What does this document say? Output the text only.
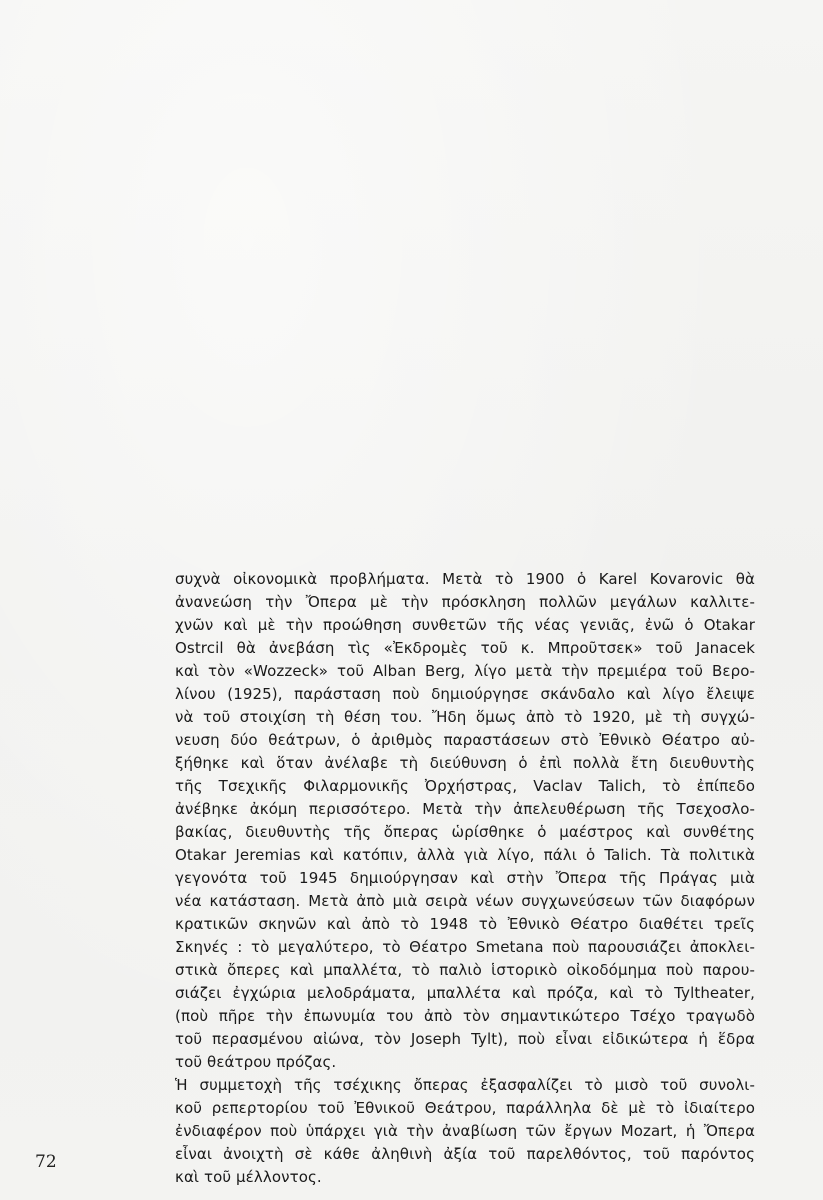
συχνὰ οἰκονομικὰ προβλήματα. Μετὰ τὸ 1900 ὁ Karel Kovarovic θὰ
ἀνανεώση τὴν Ὄπερα μὲ τὴν πρόσκληση πολλῶν μεγάλων καλλιτε-
χνῶν καὶ μὲ τὴν προώθηση συνθετῶν τῆς νέας γενιᾶς, ἐνῶ ὁ Otakar
Ostrcil θὰ ἀνεβάση τὶς «Ἐκδρομὲς τοῦ κ. Μπροῦτσεκ» τοῦ Janacek
καὶ τὸν «Wozzeck» τοῦ Alban Berg, λίγο μετὰ τὴν πρεμιέρα τοῦ Βερο-
λίνου (1925), παράσταση ποὺ δημιούργησε σκάνδαλο καὶ λίγο ἔλειψε
νὰ τοῦ στοιχίση τὴ θέση του. Ἤδη ὅμως ἀπὸ τὸ 1920, μὲ τὴ συγχώ-
νευση δύο θεάτρων, ὁ ἀριθμὸς παραστάσεων στὸ Ἐθνικὸ Θέατρο αὐ-
ξήθηκε καὶ ὅταν ἀνέλαβε τὴ διεύθυνση ὁ ἐπὶ πολλὰ ἔτη διευθυντὴς
τῆς Τσεχικῆς Φιλαρμονικῆς Ὀρχήστρας, Vaclav Talich, τὸ ἐπίπεδο
ἀνέβηκε ἀκόμη περισσότερο. Μετὰ τὴν ἀπελευθέρωση τῆς Τσεχοσλο-
βακίας, διευθυντὴς τῆς ὄπερας ὡρίσθηκε ὁ μαέστρος καὶ συνθέτης
Otakar Jeremias καὶ κατόπιν, ἀλλὰ γιὰ λίγο, πάλι ὁ Talich. Τὰ πολιτικὰ
γεγονότα τοῦ 1945 δημιούργησαν καὶ στὴν Ὄπερα τῆς Πράγας μιὰ
νέα κατάσταση. Μετὰ ἀπὸ μιὰ σειρὰ νέων συγχωνεύσεων τῶν διαφόρων
κρατικῶν σκηνῶν καὶ ἀπὸ τὸ 1948 τὸ Ἐθνικὸ Θέατρο διαθέτει τρεῖς
Σκηνές : τὸ μεγαλύτερο, τὸ Θέατρο Smetana ποὺ παρουσιάζει ἀποκλει-
στικὰ ὄπερες καὶ μπαλλέτα, τὸ παλιὸ ἱστορικὸ οἰκοδόμημα ποὺ παρου-
σιάζει ἐγχώρια μελοδράματα, μπαλλέτα καὶ πρόζα, καὶ τὸ Tyltheater,
(ποὺ πῆρε τὴν ἐπωνυμία του ἀπὸ τὸν σημαντικώτερο Τσέχο τραγωδὸ
τοῦ περασμένου αἰώνα, τὸν Joseph Tylt), ποὺ εἶναι εἰδικώτερα ἡ ἕδρα
τοῦ θεάτρου πρόζας.
Ἡ συμμετοχὴ τῆς τσέχικης ὄπερας ἐξασφαλίζει τὸ μισὸ τοῦ συνολι-
κοῦ ρεπερτορίου τοῦ Ἐθνικοῦ Θεάτρου, παράλληλα δὲ μὲ τὸ ἰδιαίτερο
ἐνδιαφέρον ποὺ ὑπάρχει γιὰ τὴν ἀναβίωση τῶν ἔργων Mozart, ἡ Ὄπερα
εἶναι ἀνοιχτὴ σὲ κάθε ἀληθινὴ ἀξία τοῦ παρελθόντος, τοῦ παρόντος
καὶ τοῦ μέλλοντος.
72
